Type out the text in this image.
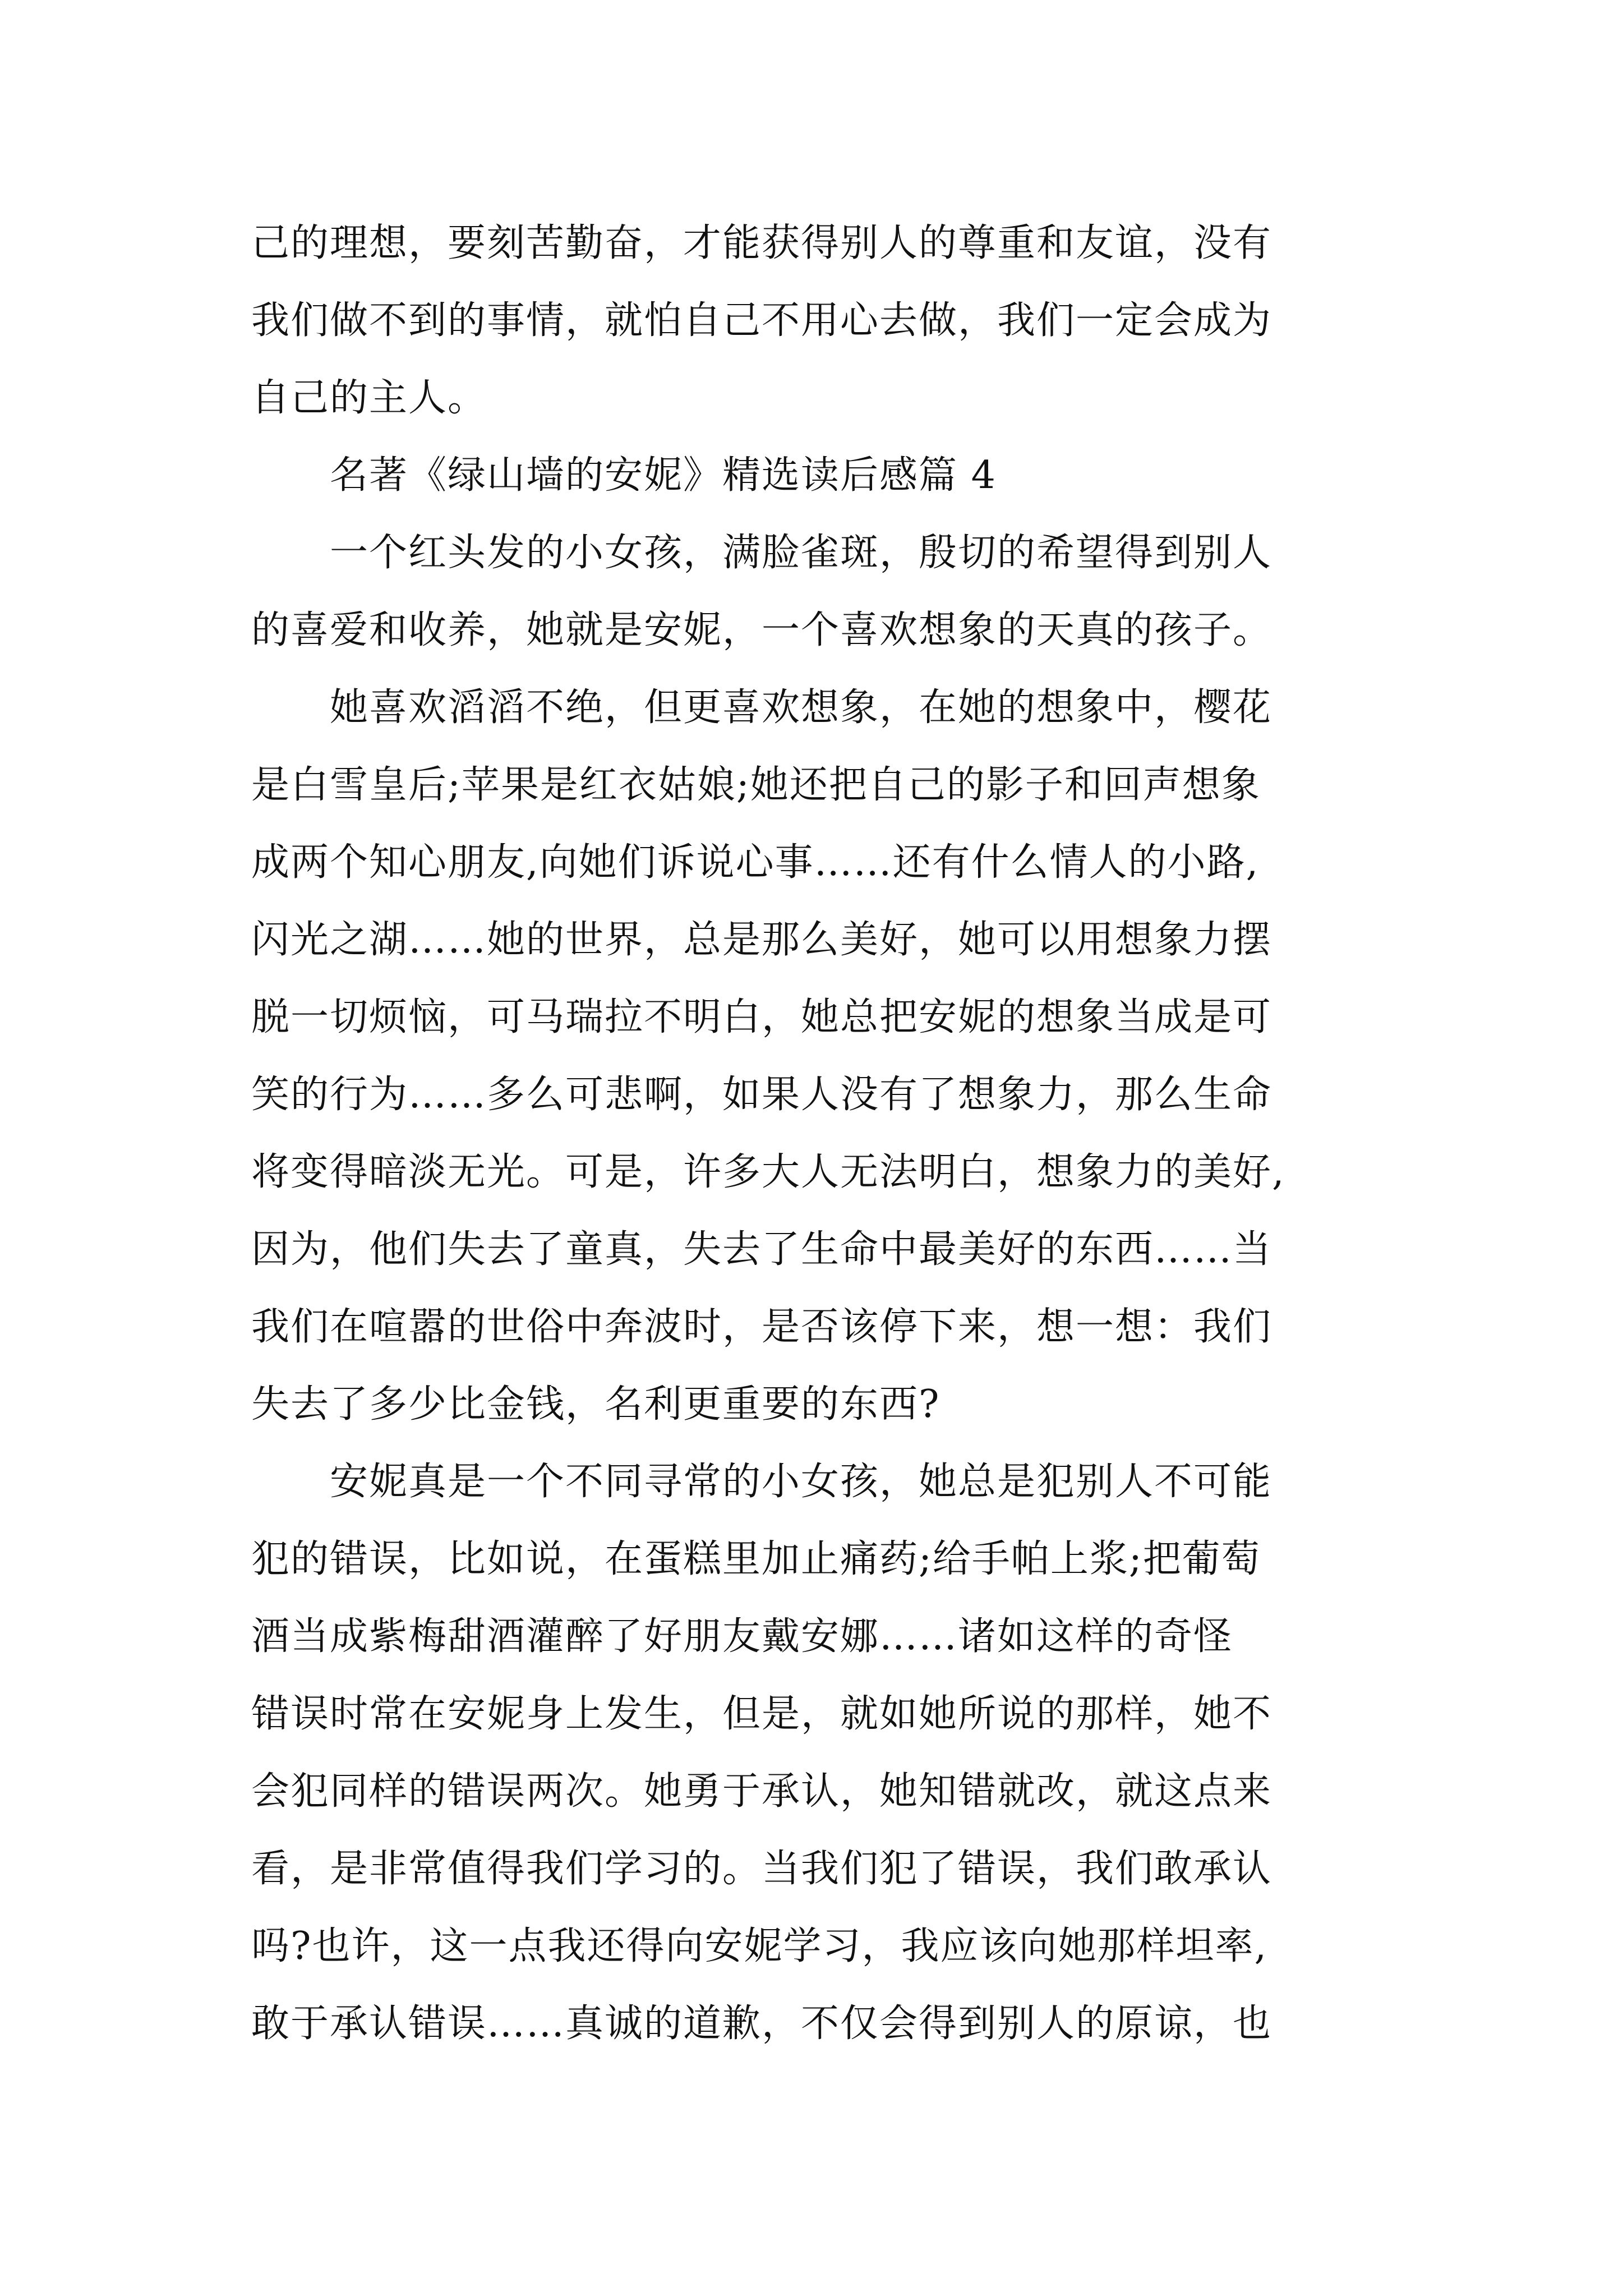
己的理想，要刻苦勤奋，才能获得别人的尊重和友谊，没有
我们做不到的事情，就怕自己不用心去做，我们一定会成为
自己的主人。
　　名著《绿山墙的安妮》精选读后感篇 4
　　一个红头发的小女孩，满脸雀斑，殷切的希望得到别人
的喜爱和收养，她就是安妮，一个喜欢想象的天真的孩子。
　　她喜欢滔滔不绝，但更喜欢想象，在她的想象中，樱花
是白雪皇后;苹果是红衣姑娘;她还把自己的影子和回声想象
成两个知心朋友,向她们诉说心事……还有什么情人的小路,
闪光之湖……她的世界，总是那么美好，她可以用想象力摆
脱一切烦恼，可马瑞拉不明白，她总把安妮的想象当成是可
笑的行为……多么可悲啊，如果人没有了想象力，那么生命
将变得暗淡无光。可是，许多大人无法明白，想象力的美好,
因为，他们失去了童真，失去了生命中最美好的东西……当
我们在喧嚣的世俗中奔波时，是否该停下来，想一想：我们
失去了多少比金钱，名利更重要的东西?
　　安妮真是一个不同寻常的小女孩，她总是犯别人不可能
犯的错误，比如说，在蛋糕里加止痛药;给手帕上浆;把葡萄
酒当成紫梅甜酒灌醉了好朋友戴安娜……诸如这样的奇怪
错误时常在安妮身上发生，但是，就如她所说的那样，她不
会犯同样的错误两次。她勇于承认，她知错就改，就这点来
看，是非常值得我们学习的。当我们犯了错误，我们敢承认
吗?也许，这一点我还得向安妮学习，我应该向她那样坦率,
敢于承认错误……真诚的道歉，不仅会得到别人的原谅，也
